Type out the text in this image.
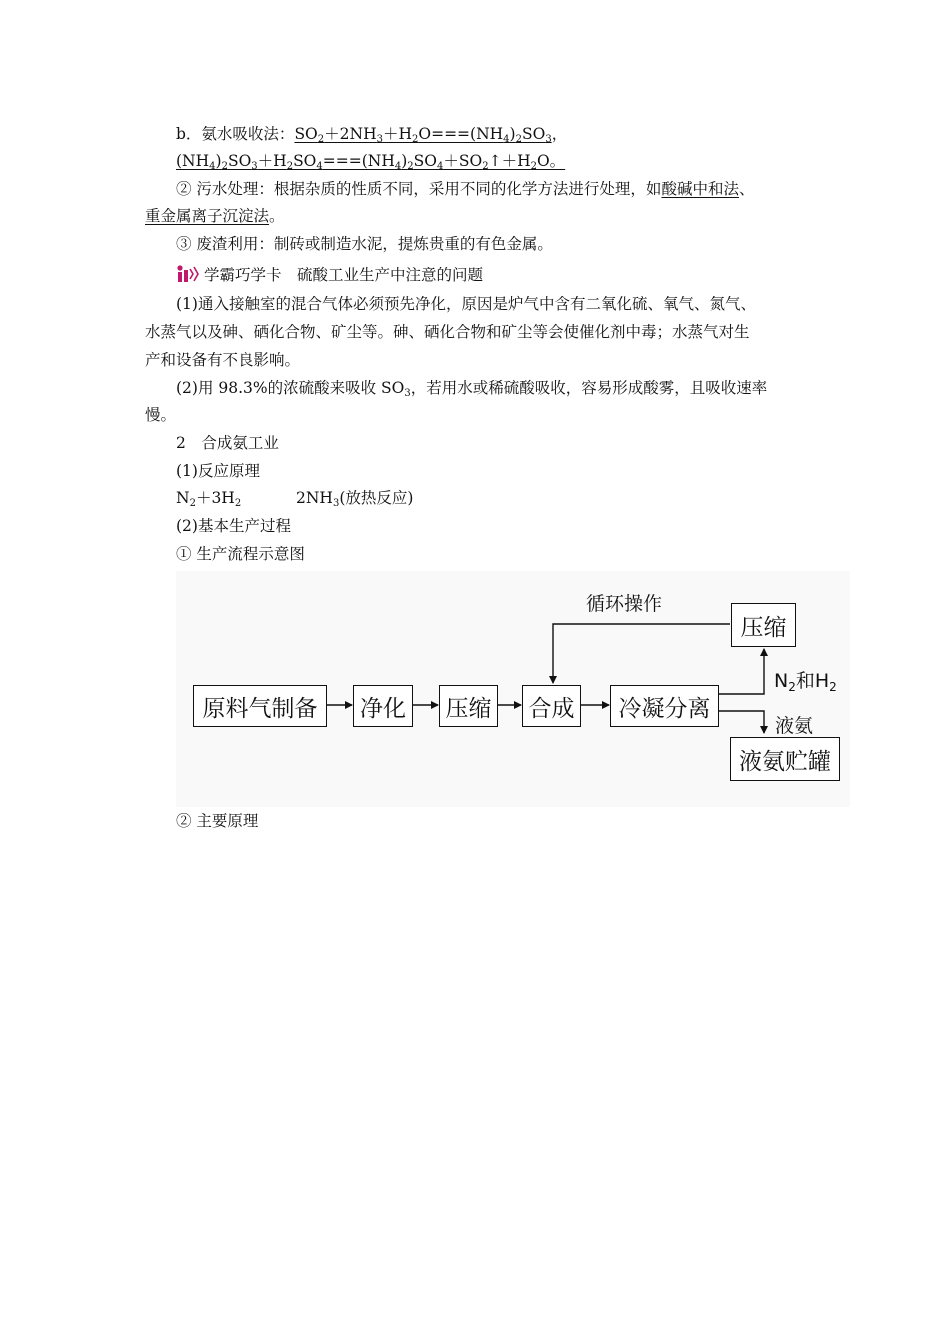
b．氨水吸收法：$SO_2+2NH_3+H_2O===(NH_4)_2SO_3$，
$(NH_4)_2SO_3+H_2SO_4===(NH_4)_2SO_4+SO_2↑+H_2O$。
② 污水处理：根据杂质的性质不同，采用不同的化学方法进行处理，如酸碱中和法、
重金属离子沉淀法。
③ 废渣利用：制砖或制造水泥，提炼贵重的有色金属。
学霸巧学卡　硫酸工业生产中注意的问题
(1)通入接触室的混合气体必须预先净化，原因是炉气中含有二氧化硫、氧气、氮气、
水蒸气以及砷、硒化合物、矿尘等。砷、硒化合物和矿尘等会使催化剂中毒；水蒸气对生
产和设备有不良影响。
(2)用 98.3%的浓硫酸来吸收 $SO_3$，若用水或稀硫酸吸收，容易形成酸雾，且吸收速率
慢。
2　合成氨工业
(1)反应原理
$N_2+3H_2$	$2NH_3$(放热反应)
(2)基本生产过程
① 生产流程示意图
原料气制备	净化	压缩 合成	冷凝分离
压缩
液氨贮罐
循环操作
$N_2$和$H_2$
液氨
② 主要原理
